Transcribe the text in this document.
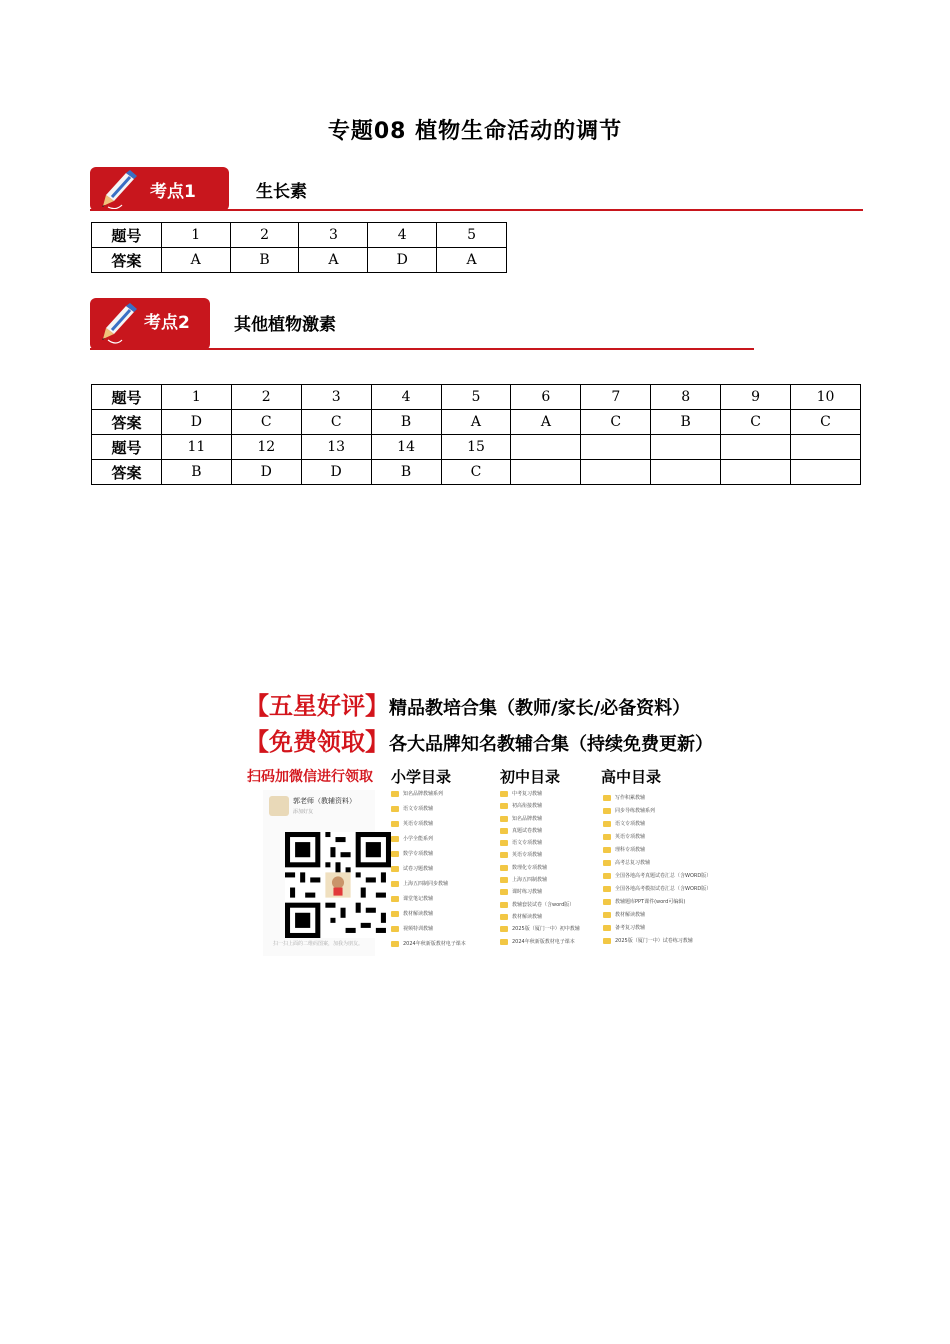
专题08 植物生命活动的调节
考点1	生长素
题号	1	2	3	4	5
答案	A	B	A	D	A
考点2	其他植物激素
题号	1	2	3	4	5	6	7	8	9	10
答案	D	C	C	B	A	A	C	B	C	C
题号	11	12	13	14	15					
答案	B	D	D	B	C					
【五星好评】精品教培合集（教师/家长/必备资料）
【免费领取】各大品牌知名教辅合集（持续免费更新）
扫码加微信进行领取 小学目录	初中目录	高中目录
郭老师（教辅资料）
添加好友
扫一扫上面的二维码图案，加我为朋友。
知名品牌教辅系列
语文专项教辅
英语专项教辅
小学全能系列
数学专项教辅
试卷习题教辅
上海五四制同步教辅
课堂笔记教辅
教材解读教辅
视频特训教辅
2024年秋新版教材电子课本
中考复习教辅
初高衔接教辅
知名品牌教辅
真题试卷教辅
语文专项教辅
英语专项教辅
数理化专项教辅
上海五四制教辅
课时练习教辅
教辅套装试卷（含word版）
教材解读教辅
2025版（厦门一中）初中教辅
2024年秋新版教材电子课本
写作积累教辅
同步导练教辅系列
语文专项教辅
英语专项教辅
理科专项教辅
高考总复习教辅
全国各地高考真题试卷汇总（含WORD版）
全国各地高考模拟试卷汇总（含WORD版）
教辅题库PPT课件(word可编辑)
教材解读教辅
备考复习教辅
2025版（厦门一中）试卷练习教辅
